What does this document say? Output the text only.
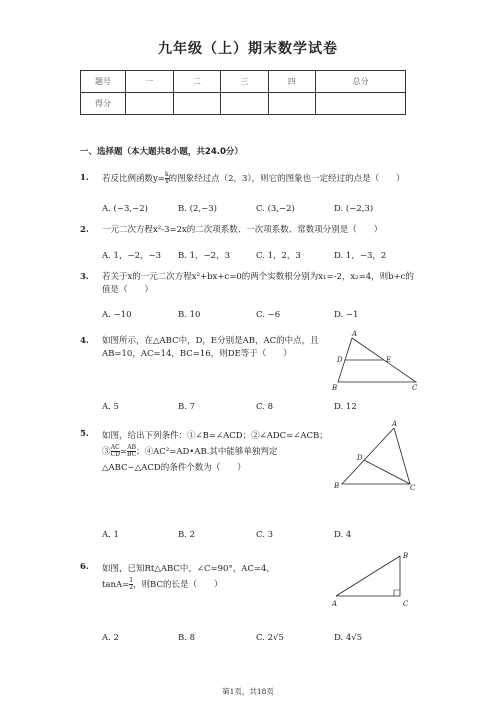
九年级（上）期末数学试卷
题号	一	二	三	四	总分
得分					
一、选择题（本大题共8小题，共24.0分）
1. 若反比例函数$y= \frac{k}{x}$ 的图象经过点（2，3），则它的图象也一定经过的点是（　　）
A. (−3,−2)	B. (2,−3)	C. (3,−2)	D. (−2,3)
2. 一元二次方程x²-3=2x的二次项系数、一次项系数、常数项分别是（　　）
A. 1，−2，−3 B. 1，−2，3	C. 1，2，3	D. 1，−3，2
3. 若关于x的一元二次方程x²+bx+c=0的两个实数根分别为x₁=-2，x₂=4，则b+c的值是（　　）
A. −10	B. 10	C. −6	D. −1
4. 如图所示，在△ABC中，D，E分别是AB，AC的中点，且AB=10，AC=14，BC=16，则DE等于（　　）
A
D	E
B	C
A. 5	B. 7	C. 8	D. 12
5. 如图，给出下列条件：①∠B=∠ACD；②∠ADC=∠ACB；③ $\frac{AC}{CD} = \frac{AB}{BC}$ ；④AC²=AD•AB.其中能够单独判定△ABC∽△ACD的条件个数为（　　）
A
D
B	C
A. 1	B. 2	C. 3	D. 4
6. 如图，已知Rt△ABC中，∠C=90°，AC=4，$\tan A= \frac{1}{2}$ ，则BC的长是（　　）
B
A	C
A. 2	B. 8	C. 2√5	D. 4√5
第1页，共18页
